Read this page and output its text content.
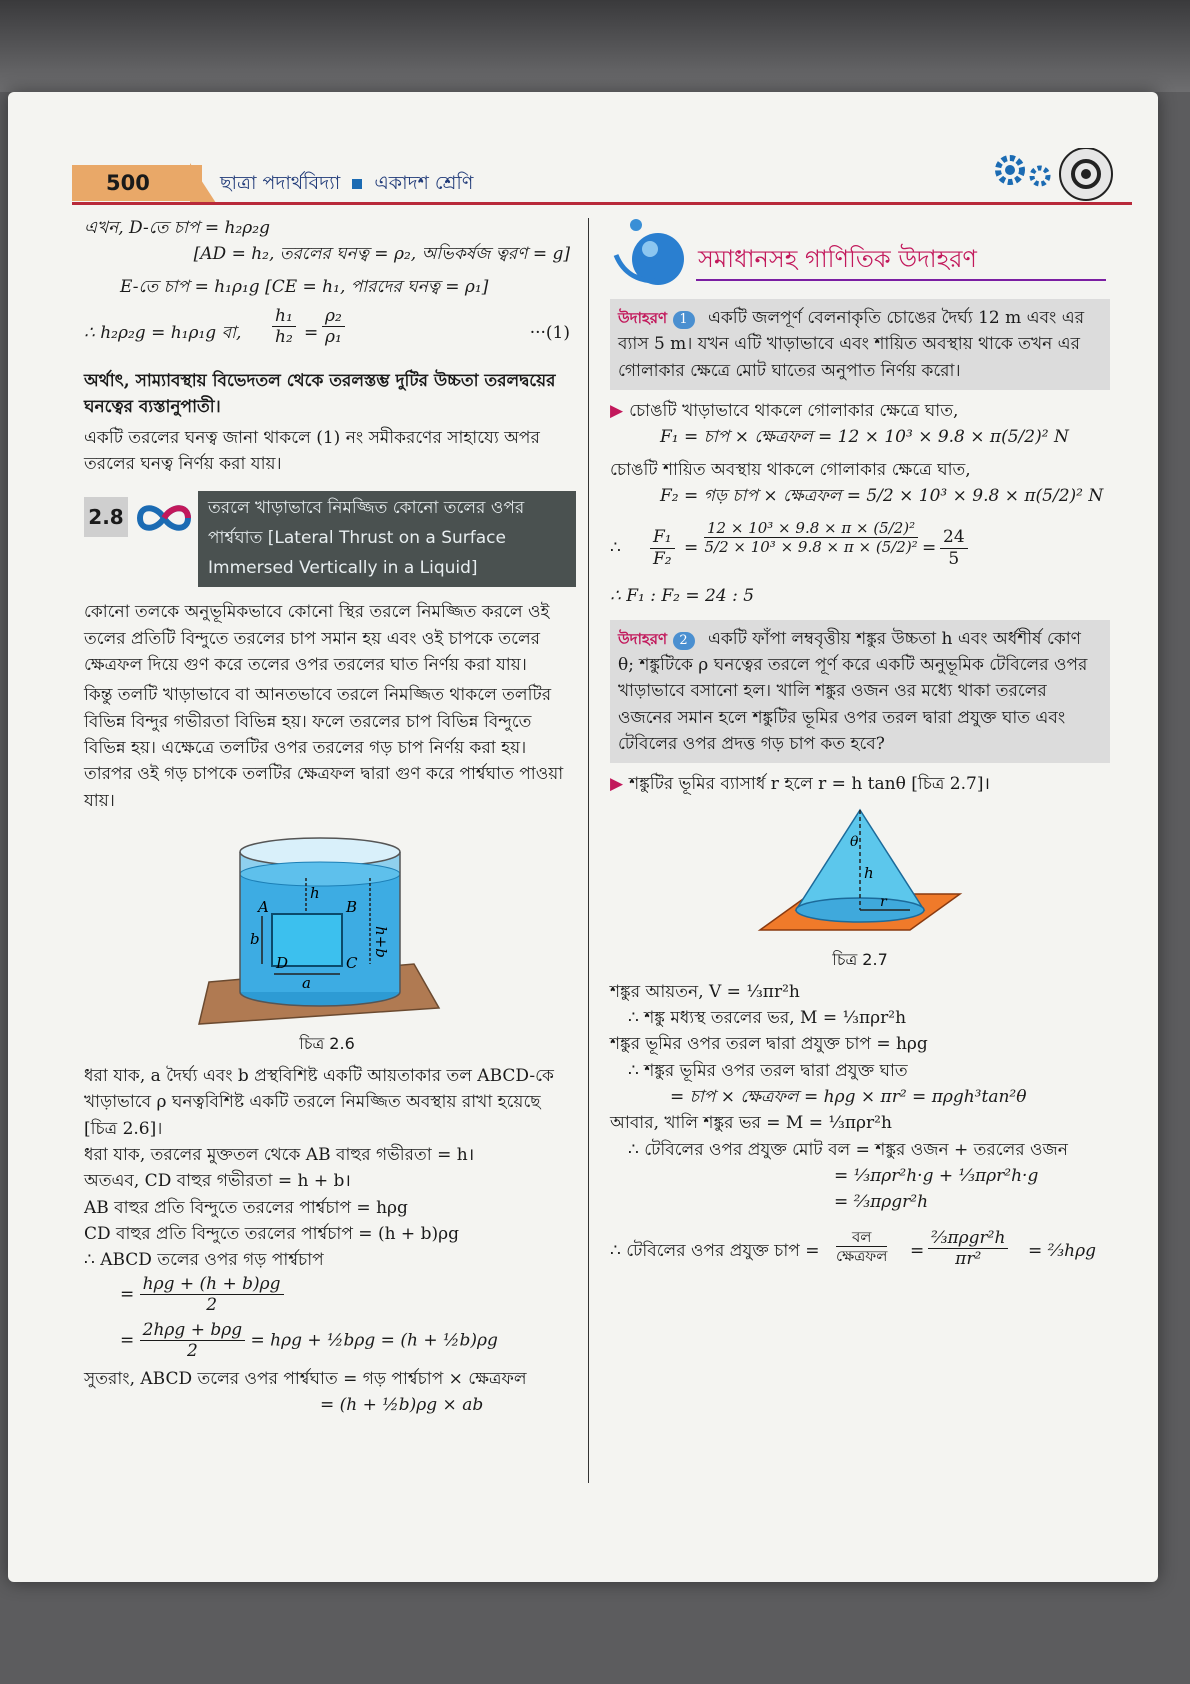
500	ছাত্রা পদার্থবিদ্যা একাদশ শ্রেণি

এখন, D-তে চাপ = h₂ρ₂g

[AD = h₂, তরলের ঘনত্ব = ρ₂, অভিকর্ষজ ত্বরণ = g]

E-তে চাপ = h₁ρ₁g [CE = h₁, পারদের ঘনত্ব = ρ₁]

∴ h₂ρ₂g = h₁ρ₁g বা, $\frac{\text{h₁}}{\text{h₂}} = \frac{\text{ρ₂}}{\text{ρ₁}}$	···(1)

অর্থাৎ, সাম্যাবস্থায় বিভেদতল থেকে তরলস্তম্ভ দুটির উচ্চতা তরলদ্বয়ের ঘনত্বের ব্যস্তানুপাতী।

একটি তরলের ঘনত্ব জানা থাকলে (1) নং সমীকরণের সাহায্যে অপর তরলের ঘনত্ব নির্ণয় করা যায়।

2.8	তরলে খাড়াভাবে নিমজ্জিত কোনো তলের ওপর পার্শ্বঘাত [Lateral Thrust on a Surface Immersed Vertically in a Liquid]

কোনো তলকে অনুভূমিকভাবে কোনো স্থির তরলে নিমজ্জিত করলে ওই তলের প্রতিটি বিন্দুতে তরলের চাপ সমান হয় এবং ওই চাপকে তলের ক্ষেত্রফল দিয়ে গুণ করে তলের ওপর তরলের ঘাত নির্ণয় করা যায়।

কিন্তু তলটি খাড়াভাবে বা আনতভাবে তরলে নিমজ্জিত থাকলে তলটির বিভিন্ন বিন্দুর গভীরতা বিভিন্ন হয়। ফলে তরলের চাপ বিভিন্ন বিন্দুতে বিভিন্ন হয়। এক্ষেত্রে তলটির ওপর তরলের গড় চাপ নির্ণয় করা হয়। তারপর ওই গড় চাপকে তলটির ক্ষেত্রফল দ্বারা গুণ করে পার্শ্বঘাত পাওয়া যায়।

h
h+b
b
a
A	B
C
D

চিত্র 2.6

ধরা যাক, a দৈর্ঘ্য এবং b প্রস্থবিশিষ্ট একটি আয়তাকার তল ABCD-কে খাড়াভাবে ρ ঘনত্ববিশিষ্ট একটি তরলে নিমজ্জিত অবস্থায় রাখা হয়েছে [চিত্র 2.6]।

ধরা যাক, তরলের মুক্ততল থেকে AB বাহুর গভীরতা = h।

অতএব, CD বাহুর গভীরতা = h + b।

AB বাহুর প্রতি বিন্দুতে তরলের পার্শ্বচাপ = hρg

CD বাহুর প্রতি বিন্দুতে তরলের পার্শ্বচাপ = (h + b)ρg

∴ ABCD তলের ওপর গড় পার্শ্বচাপ

= $\frac{\text{hρg + (h + b)ρg}}{2}$
= $\frac{\text{2hρg + bρg}}{2} = h\rho g$ + ½bρg = (h + ½b)ρg

সুতরাং, ABCD তলের ওপর পার্শ্বঘাত = গড় পার্শ্বচাপ × ক্ষেত্রফল

= (h + ½b)ρg × ab

সমাধানসহ গাণিতিক উদাহরণ
উদাহরণ 1 একটি জলপূর্ণ বেলনাকৃতি চোঙের দৈর্ঘ্য 12 m এবং এর ব্যাস 5 m। যখন এটি খাড়াভাবে এবং শায়িত অবস্থায় থাকে তখন এর গোলাকার ক্ষেত্রে মোট ঘাতের অনুপাত নির্ণয় করো।

▶ চোঙটি খাড়াভাবে থাকলে গোলাকার ক্ষেত্রে ঘাত,

F₁ = চাপ × ক্ষেত্রফল = 12 × 10³ × 9.8 × π(5/2)² N

চোঙটি শায়িত অবস্থায় থাকলে গোলাকার ক্ষেত্রে ঘাত,

F₂ = গড় চাপ × ক্ষেত্রফল = 5/2 × 10³ × 9.8 × π(5/2)² N

∴ $\frac{\text{F₁}}{\text{F₂}} = \frac{\text{12 × 10³ × 9.8 × π × (5/2)²}}{\text{5/2 × 10³ × 9.8 × π × (5/2)²}} = \frac{24}{5}$

∴ F₁ : F₂ = 24 : 5

উদাহরণ 2 একটি ফাঁপা লম্ববৃত্তীয় শঙ্কুর উচ্চতা h এবং অর্ধশীর্ষ কোণ θ; শঙ্কুটিকে ρ ঘনত্বের তরলে পূর্ণ করে একটি অনুভূমিক টেবিলের ওপর খাড়াভাবে বসানো হল। খালি শঙ্কুর ওজন ওর মধ্যে থাকা তরলের ওজনের সমান হলে শঙ্কুটির ভূমির ওপর তরল দ্বারা প্রযুক্ত ঘাত এবং টেবিলের ওপর প্রদত্ত গড় চাপ কত হবে?

▶ শঙ্কুটির ভূমির ব্যাসার্ধ r হলে r = h tanθ [চিত্র 2.7]।

θ
h
r

চিত্র 2.7

শঙ্কুর আয়তন, V = ⅓πr²h

∴ শঙ্কু মধ্যস্থ তরলের ভর, M = ⅓πρr²h

শঙ্কুর ভূমির ওপর তরল দ্বারা প্রযুক্ত চাপ = hρg

∴ শঙ্কুর ভূমির ওপর তরল দ্বারা প্রযুক্ত ঘাত

= চাপ × ক্ষেত্রফল = hρg × πr² = πρgh³tan²θ

আবার, খালি শঙ্কুর ভর = M = ⅓πρr²h

∴ টেবিলের ওপর প্রযুক্ত মোট বল = শঙ্কুর ওজন + তরলের ওজন

= ⅓πρr²h·g + ⅓πρr²h·g

= ⅔πρgr²h

∴ টেবিলের ওপর প্রযুক্ত চাপ =
বল
ক্ষেত্রফল =
⅔πρgr²h
πr²	= ⅔hρg
